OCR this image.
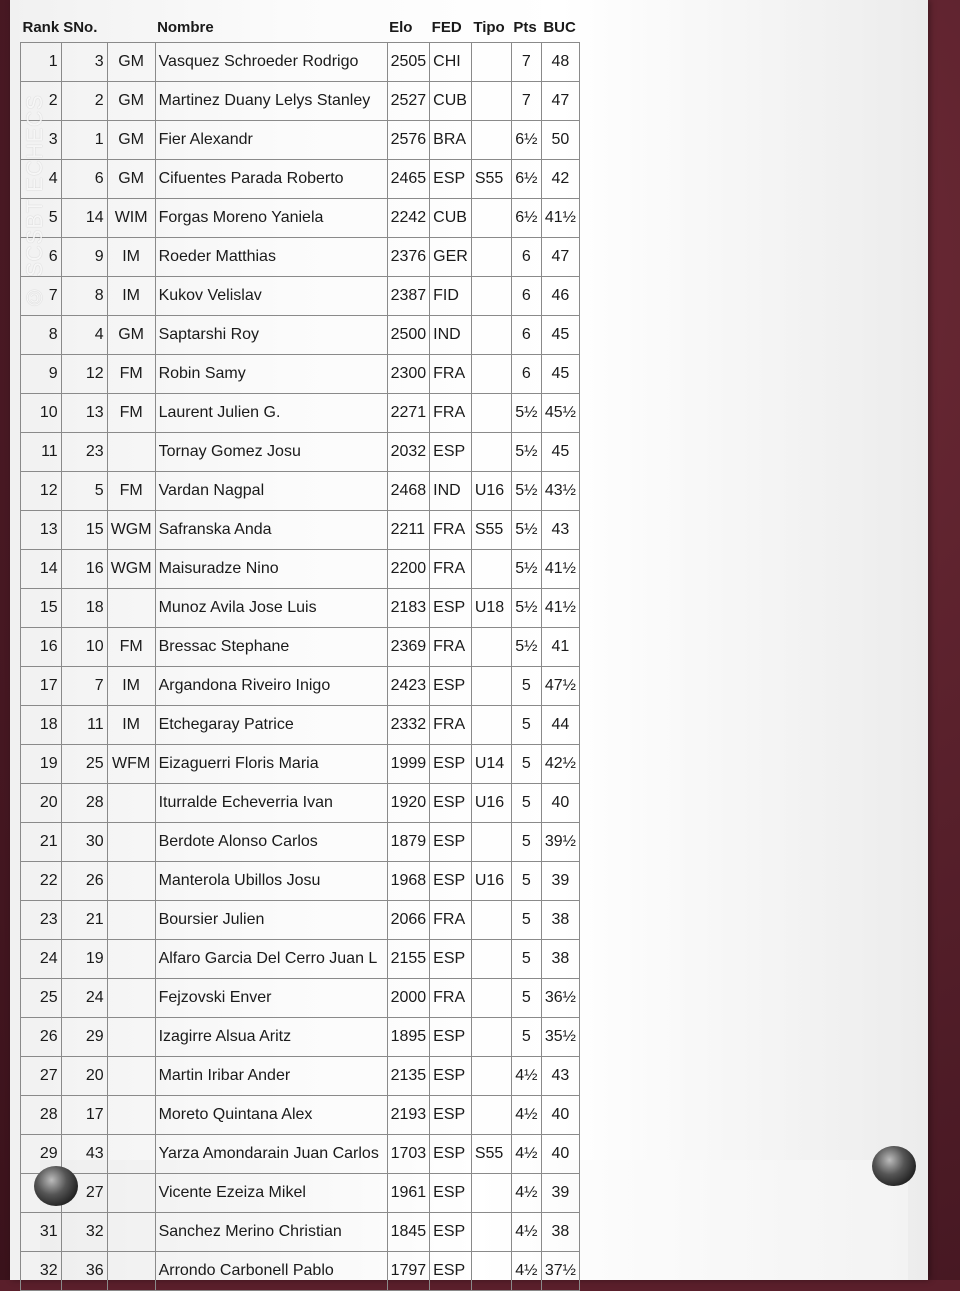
Rank	SNo.		Nombre	Elo	FED	Tipo	Pts	BUC
1	3	GM	Vasquez Schroeder Rodrigo	2505	CHI		7	48
2	2	GM	Martinez Duany Lelys Stanley	2527	CUB		7	47
3	1	GM	Fier Alexandr	2576	BRA		6½	50
4	6	GM	Cifuentes Parada Roberto	2465	ESP	S55	6½	42
5	14	WIM	Forgas Moreno Yaniela	2242	CUB		6½	41½
6	9	IM	Roeder Matthias	2376	GER		6	47
7	8	IM	Kukov Velislav	2387	FID		6	46
8	4	GM	Saptarshi Roy	2500	IND		6	45
9	12	FM	Robin Samy	2300	FRA		6	45
10	13	FM	Laurent Julien G.	2271	FRA		5½	45½
11	23		Tornay Gomez Josu	2032	ESP		5½	45
12	5	FM	Vardan Nagpal	2468	IND	U16	5½	43½
13	15	WGM	Safranska Anda	2211	FRA	S55	5½	43
14	16	WGM	Maisuradze Nino	2200	FRA		5½	41½
15	18		Munoz Avila Jose Luis	2183	ESP	U18	5½	41½
16	10	FM	Bressac Stephane	2369	FRA		5½	41
17	7	IM	Argandona Riveiro Inigo	2423	ESP		5	47½
18	11	IM	Etchegaray Patrice	2332	FRA		5	44
19	25	WFM	Eizaguerri Floris Maria	1999	ESP	U14	5	42½
20	28		Iturralde Echeverria Ivan	1920	ESP	U16	5	40
21	30		Berdote Alonso Carlos	1879	ESP		5	39½
22	26		Manterola Ubillos Josu	1968	ESP	U16	5	39
23	21		Boursier Julien	2066	FRA		5	38
24	19		Alfaro Garcia Del Cerro Juan L	2155	ESP		5	38
25	24		Fejzovski Enver	2000	FRA		5	36½
26	29		Izagirre Alsua Aritz	1895	ESP		5	35½
27	20		Martin Iribar Ander	2135	ESP		4½	43
28	17		Moreto Quintana Alex	2193	ESP		4½	40
29	43		Yarza Amondarain Juan Carlos	1703	ESP	S55	4½	40
	27		Vicente Ezeiza Mikel	1961	ESP		4½	39
31	32		Sanchez Merino Christian	1845	ESP		4½	38
32	36		Arrondo Carbonell Pablo	1797	ESP		4½	37½
© SCSBT ECHECS
